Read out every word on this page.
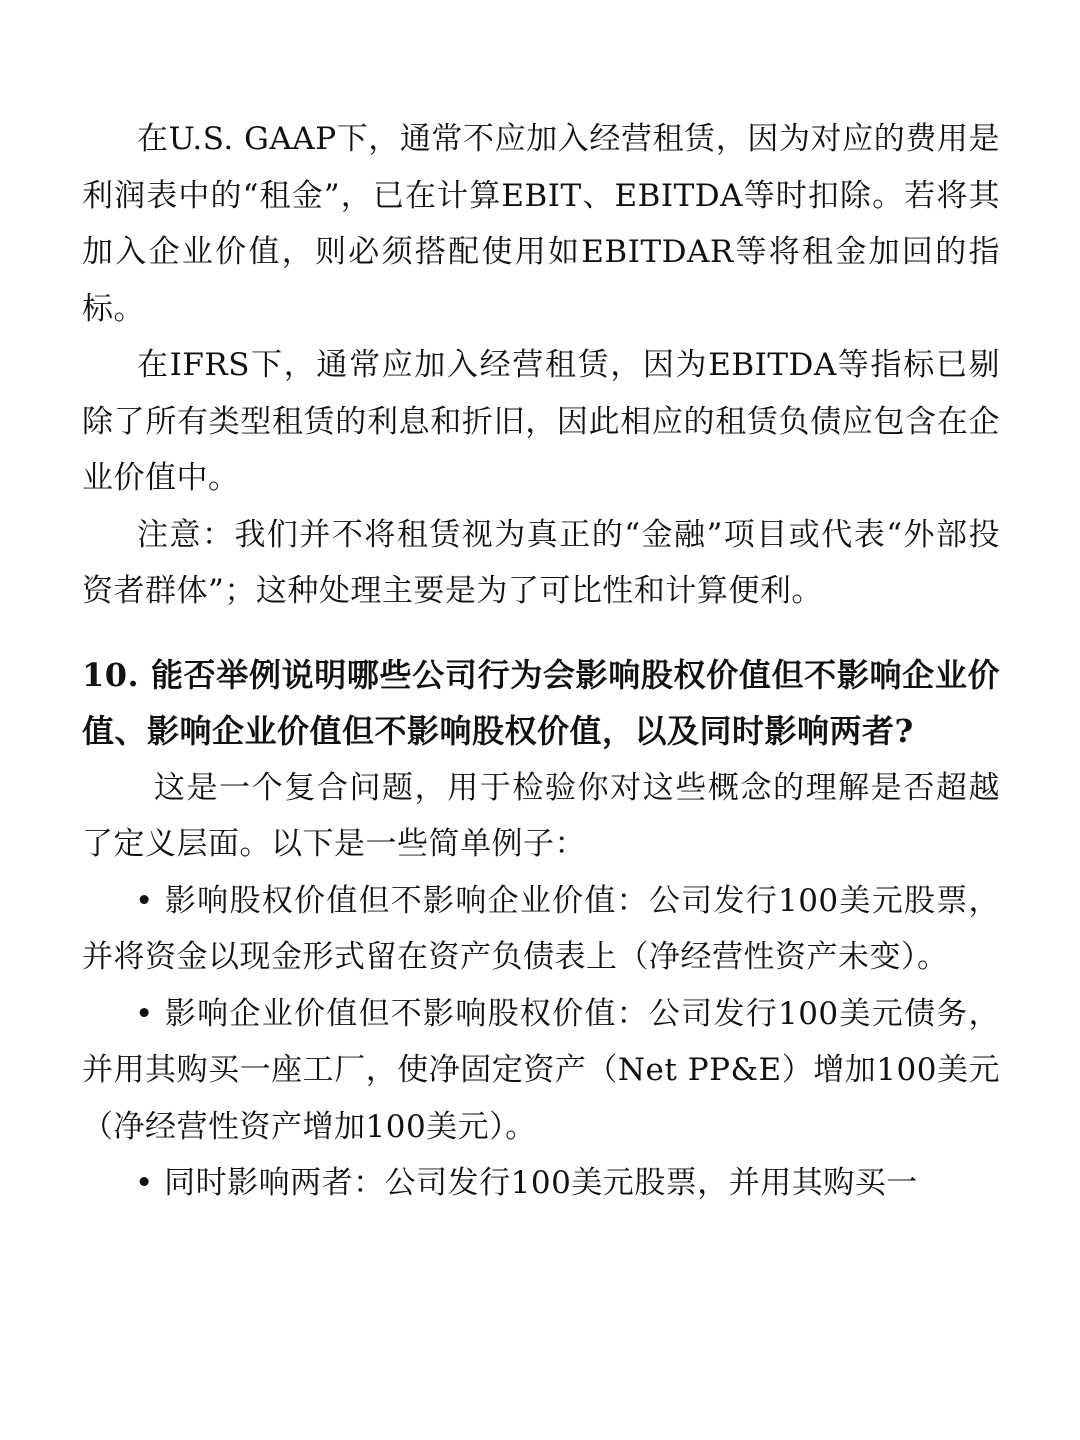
在U.S. GAAP下，通常不应加入经营租赁，因为对应的费用是利润表中的“租金”，已在计算EBIT、EBITDA等时扣除。若将其加入企业价值，则必须搭配使用如EBITDAR等将租金加回的指标。

在IFRS下，通常应加入经营租赁，因为EBITDA等指标已剔除了所有类型租赁的利息和折旧，因此相应的租赁负债应包含在企业价值中。

注意：我们并不将租赁视为真正的“金融”项目或代表“外部投资者群体”；这种处理主要是为了可比性和计算便利。

10. 能否举例说明哪些公司行为会影响股权价值但不影响企业价值、影响企业价值但不影响股权价值，以及同时影响两者?

这是一个复合问题，用于检验你对这些概念的理解是否超越了定义层面。以下是一些简单例子：

• 影响股权价值但不影响企业价值：公司发行100美元股票，并将资金以现金形式留在资产负债表上（净经营性资产未变）。

• 影响企业价值但不影响股权价值：公司发行100美元债务，并用其购买一座工厂，使净固定资产（Net PP&E）增加100美元（净经营性资产增加100美元）。

• 同时影响两者：公司发行100美元股票，并用其购买一
